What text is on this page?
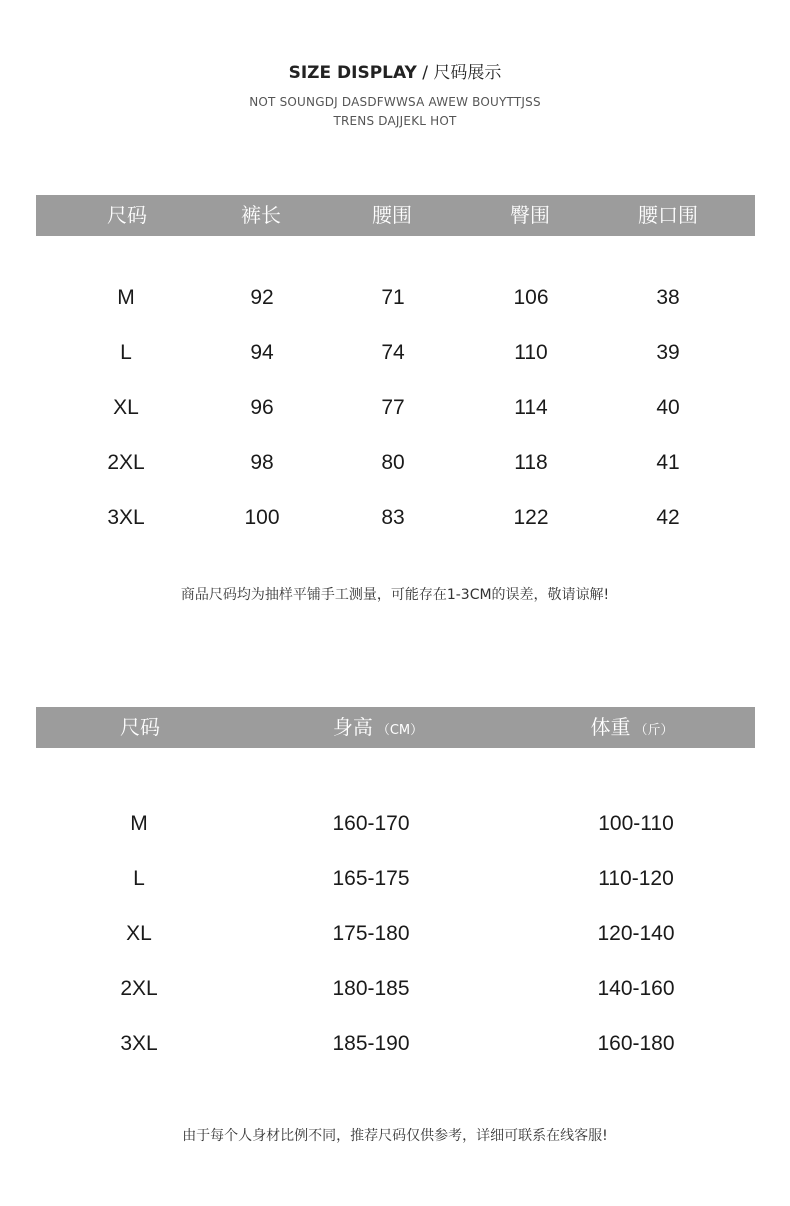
SIZE DISPLAY / 尺码展示
NOT SOUNGDJ DASDFWWSA AWEW BOUYTTJSS
TRENS DAJJEKL HOT
尺码	裤长	腰围	臀围	腰口围
M	92	71	106	38
L	94	74	110	39
XL	96	77	114	40
2XL	98	80	118	41
3XL	100	83	122	42
商品尺码均为抽样平铺手工测量，可能存在1-3CM的误差，敬请谅解!
尺码	身高 （CM）	体重 （斤）
M	160-170	100-110
L	165-175	110-120
XL	175-180	120-140
2XL	180-185	140-160
3XL	185-190	160-180
由于每个人身材比例不同，推荐尺码仅供参考，详细可联系在线客服!
